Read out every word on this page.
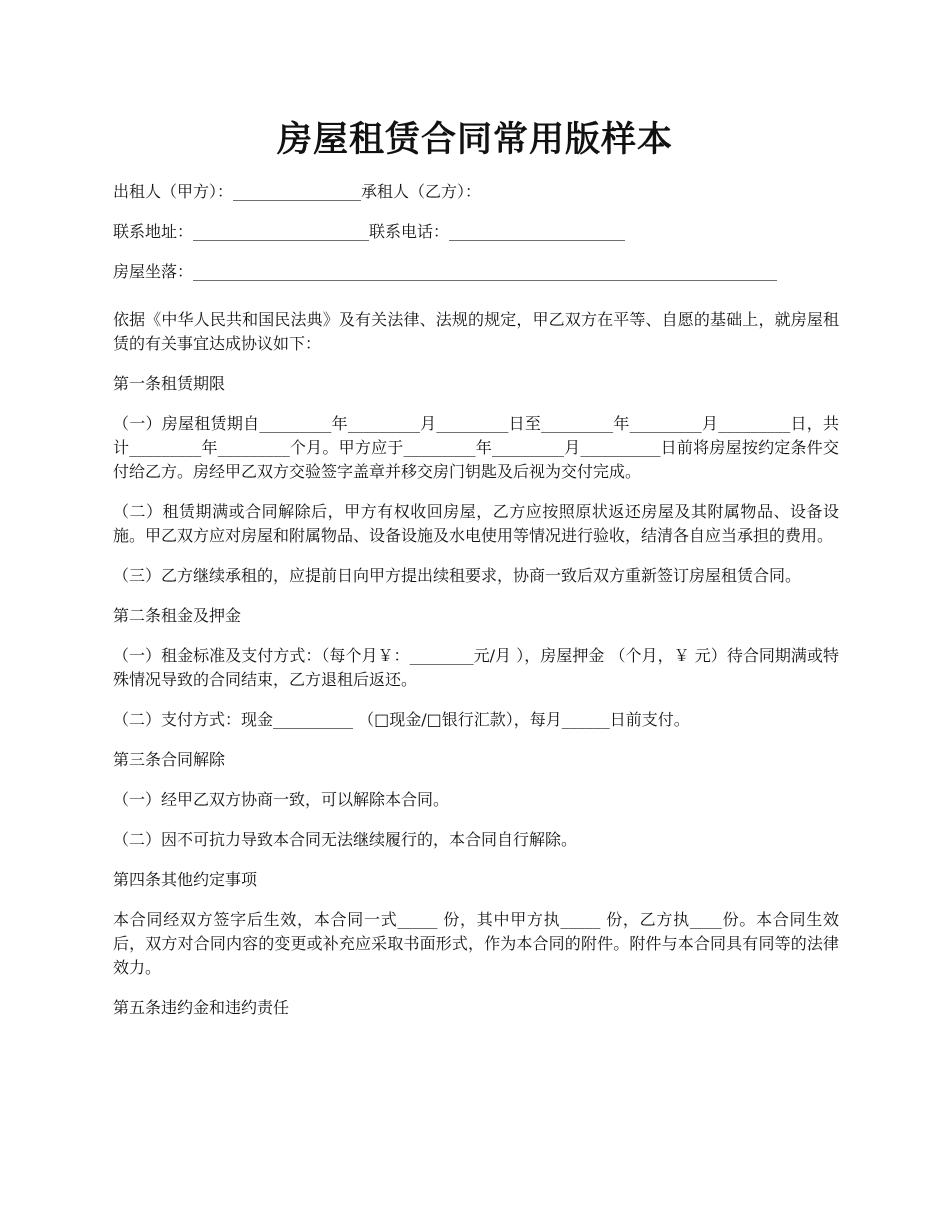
房屋租赁合同常用版样本

出租人（甲方）：________________承租人（乙方）：

联系地址：______________________联系电话：______________________

房屋坐落：_________________________________________________________________________

依据《中华人民共和国民法典》及有关法律、法规的规定，甲乙双方在平等、自愿的基础上，就房屋租赁的有关事宜达成协议如下：

第一条租赁期限

（一）房屋租赁期自_________年_________月_________日至_________年_________月_________日，共计_________年_________个月。甲方应于_________年_________月__________日前将房屋按约定条件交付给乙方。房经甲乙双方交验签字盖章并移交房门钥匙及后视为交付完成。

（二）租赁期满或合同解除后，甲方有权收回房屋，乙方应按照原状返还房屋及其附属物品、设备设施。甲乙双方应对房屋和附属物品、设备设施及水电使用等情况进行验收，结清各自应当承担的费用。

（三）乙方继续承租的，应提前日向甲方提出续租要求，协商一致后双方重新签订房屋租赁合同。

第二条租金及押金

（一）租金标准及支付方式：（每个月￥：________元/月 ），房屋押金 （个月，￥ 元）待合同期满或特殊情况导致的合同结束，乙方退租后返还。

（二）支付方式：现金__________ （□现金/□银行汇款），每月______日前支付。

第三条合同解除

（一）经甲乙双方协商一致，可以解除本合同。

（二）因不可抗力导致本合同无法继续履行的，本合同自行解除。

第四条其他约定事项

本合同经双方签字后生效，本合同一式_____ 份，其中甲方执_____ 份，乙方执____份。本合同生效后，双方对合同内容的变更或补充应采取书面形式，作为本合同的附件。附件与本合同具有同等的法律效力。

第五条违约金和违约责任
